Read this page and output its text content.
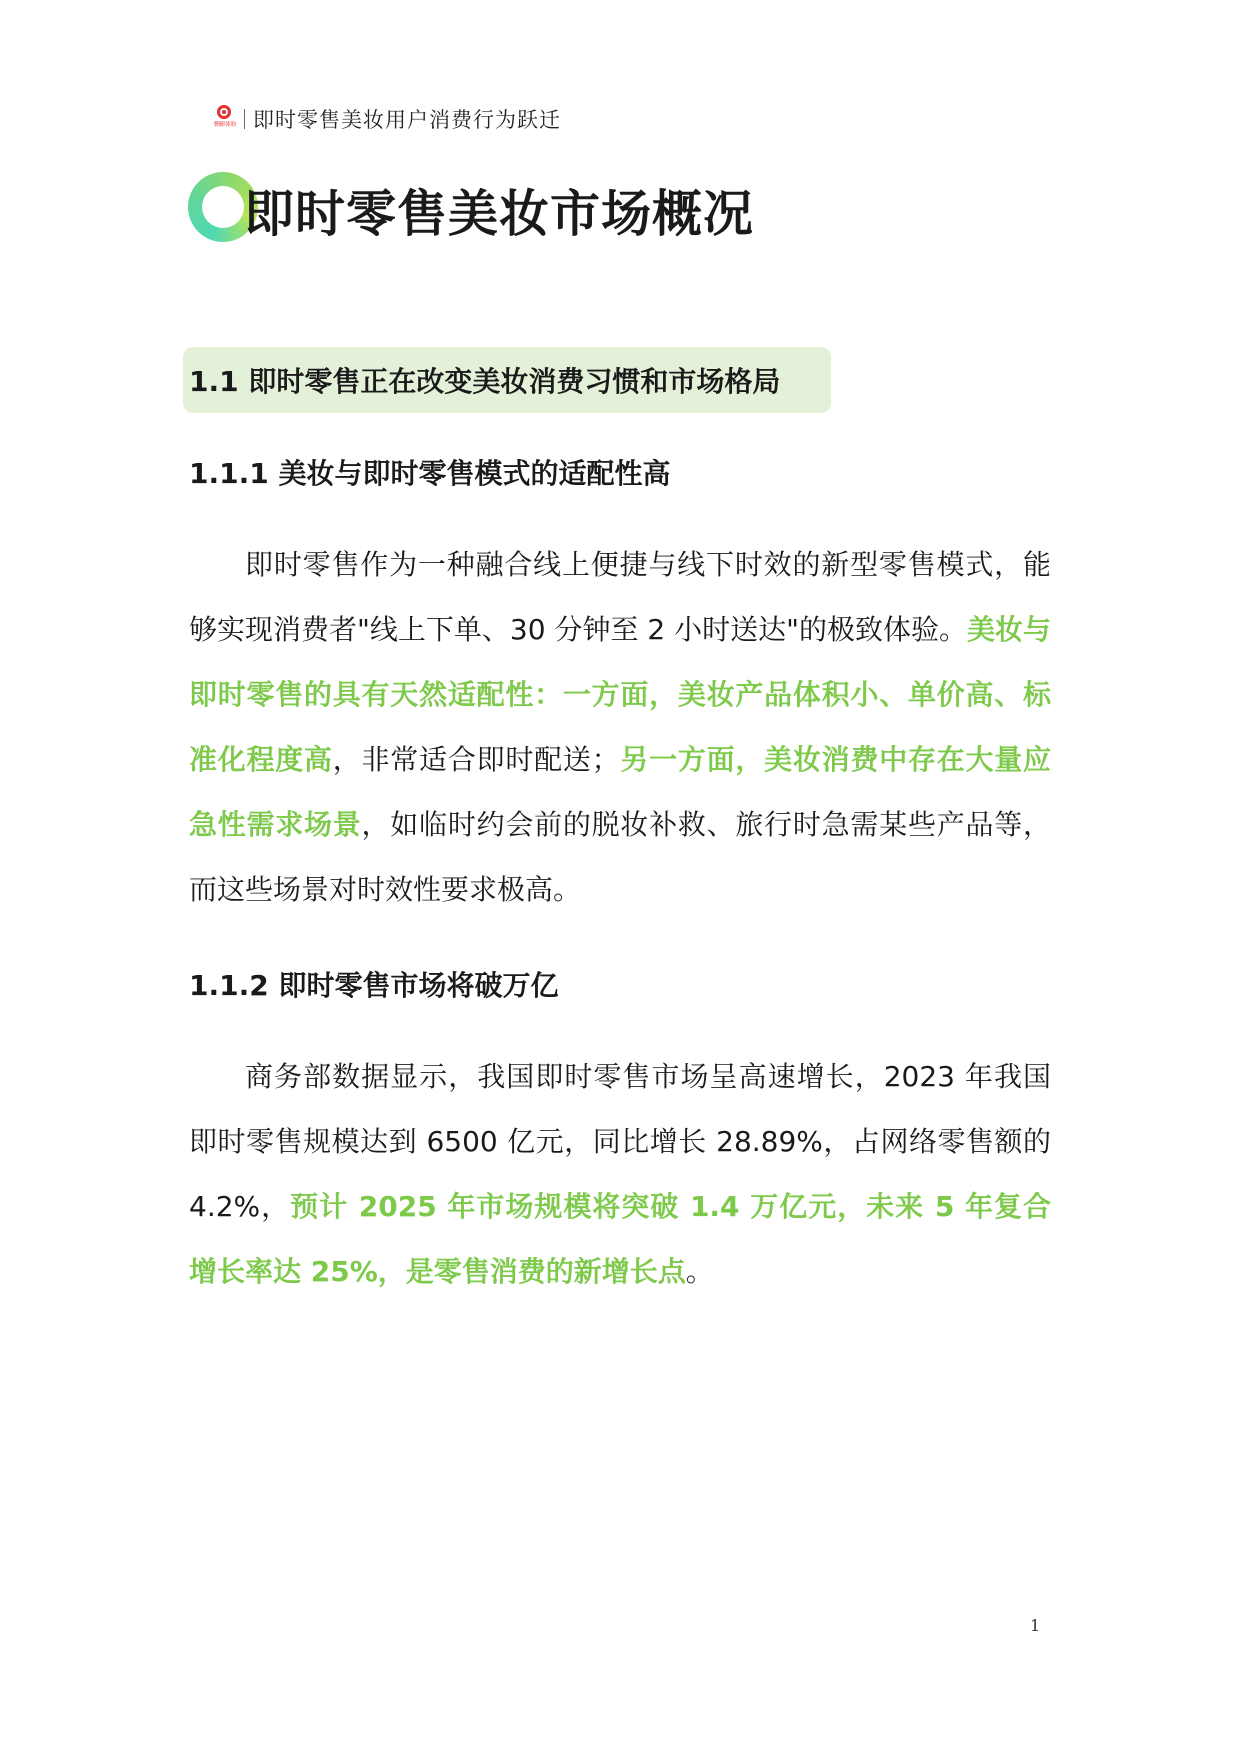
删影体验 即时零售美妆用户消费行为跃迁
即时零售美妆市场概况
1.1 即时零售正在改变美妆消费习惯和市场格局
1.1.1 美妆与即时零售模式的适配性高

即时零售作为一种融合线上便捷与线下时效的新型零售模式，能够实现消费者"线上下单、30 分钟至 2 小时送达"的极致体验。美妆与即时零售的具有天然适配性：一方面，美妆产品体积小、单价高、标准化程度高，非常适合即时配送；另一方面，美妆消费中存在大量应急性需求场景，如临时约会前的脱妆补救、旅行时急需某些产品等，而这些场景对时效性要求极高。

1.1.2 即时零售市场将破万亿

商务部数据显示，我国即时零售市场呈高速增长，2023 年我国即时零售规模达到 6500 亿元，同比增长 28.89%，占网络零售额的 4.2%，预计 2025 年市场规模将突破 1.4 万亿元，未来 5 年复合增长率达 25%，是零售消费的新增长点。

1
